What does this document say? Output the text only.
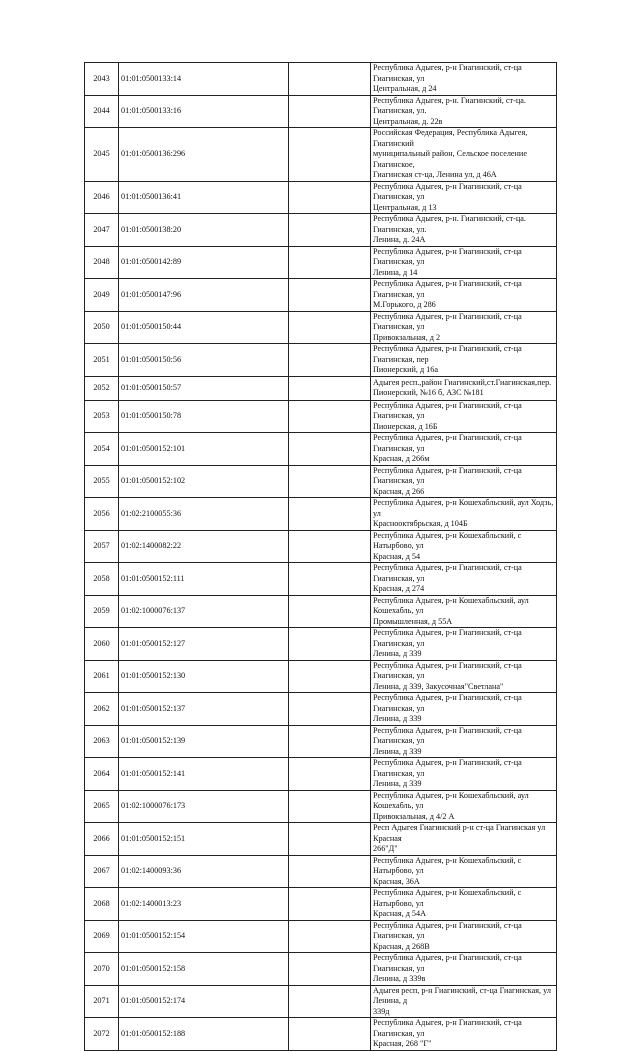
2043	01:01:0500133:14		Республика Адыгея, р-н Гиагинский, ст-ца Гиагинская, ул
Центральная, д 24
2044	01:01:0500133:16		Республика Адыгея, р-н. Гиагинский, ст-ца. Гиагинская, ул.
Центральная, д. 22в
2045	01:01:0500136:296		Российская Федерация, Республика Адыгея, Гиагинский
муниципальный район, Сельское поселение Гиагинское,
Гиагинская ст-ца, Ленина ул, д 46А
2046	01:01:0500136:41		Республика Адыгея, р-н Гиагинский, ст-ца Гиагинская, ул
Центральная, д 13
2047	01:01:0500138:20		Республика Адыгея, р-н. Гиагинский, ст-ца. Гиагинская, ул.
Ленина, д. 24А
2048	01:01:0500142:89		Республика Адыгея, р-н Гиагинский, ст-ца Гиагинская, ул
Ленина, д 14
2049	01:01:0500147:96		Республика Адыгея, р-н Гиагинский, ст-ца Гиагинская, ул
М.Горького, д 286
2050	01:01:0500150:44		Республика Адыгея, р-н Гиагинский, ст-ца Гиагинская, ул
Привокзальная, д 2
2051	01:01:0500150:56		Республика Адыгея, р-н Гиагинский, ст-ца Гиагинская, пер
Пионерский, д 16а
2052	01:01:0500150:57		Адыгея респ.,район Гиагинский,ст.Гиагинская,пер.
Пионерский, №16 б, АЗС №181
2053	01:01:0500150:78		Республика Адыгея, р-н Гиагинский, ст-ца Гиагинская, ул
Пионерская, д 16Б
2054	01:01:0500152:101		Республика Адыгея, р-н Гиагинский, ст-ца Гиагинская, ул
Красная, д 266м
2055	01:01:0500152:102		Республика Адыгея, р-н Гиагинский, ст-ца Гиагинская, ул
Красная, д 266
2056	01:02:2100055:36		Республика Адыгея, р-н Кошехабльский, аул Ходзь, ул
Краснооктябрьская, д 104Б
2057	01:02:1400082:22		Республика Адыгея, р-н Кошехабльский, с Натырбово, ул
Красная, д 54
2058	01:01:0500152:111		Республика Адыгея, р-н Гиагинский, ст-ца Гиагинская, ул
Красная, д 274
2059	01:02:1000076:137		Республика Адыгея, р-н Кошехабльский, аул Кошехабль, ул
Промышленная, д 55А
2060	01:01:0500152:127		Республика Адыгея, р-н Гиагинский, ст-ца Гиагинская, ул
Ленина, д 339
2061	01:01:0500152:130		Республика Адыгея, р-н Гиагинский, ст-ца Гиагинская, ул
Ленина, д 339, Закусочная"Светлана"
2062	01:01:0500152:137		Республика Адыгея, р-н Гиагинский, ст-ца Гиагинская, ул
Ленина, д 339
2063	01:01:0500152:139		Республика Адыгея, р-н Гиагинский, ст-ца Гиагинская, ул
Ленина, д 339
2064	01:01:0500152:141		Республика Адыгея, р-н Гиагинский, ст-ца Гиагинская, ул
Ленина, д 339
2065	01:02:1000076:173		Республика Адыгея, р-н Кошехабльский, аул Кошехабль, ул
Привокзальная, д 4/2 А
2066	01:01:0500152:151		Респ Адыгея Гиагинский р-н ст-ца Гиагинская ул Красная
266"Д"
2067	01:02:1400093:36		Республика Адыгея, р-н Кошехабльский, с Натырбово, ул
Красная, 36А
2068	01:02:1400013:23		Республика Адыгея, р-н Кошехабльский, с Натырбово, ул
Красная, д 54А
2069	01:01:0500152:154		Республика Адыгея, р-н Гиагинский, ст-ца Гиагинская, ул
Красная, д 268В
2070	01:01:0500152:158		Республика Адыгея, р-н Гиагинский, ст-ца Гиагинская, ул
Ленина, д 339в
2071	01:01:0500152:174		Адыгея респ, р-н Гиагинский, ст-ца Гиагинская, ул Ленина, д
339д
2072	01:01:0500152:188		Республика Адыгея, р-н Гиагинский, ст-ца Гиагинская, ул
Красная, 268 "Г"
